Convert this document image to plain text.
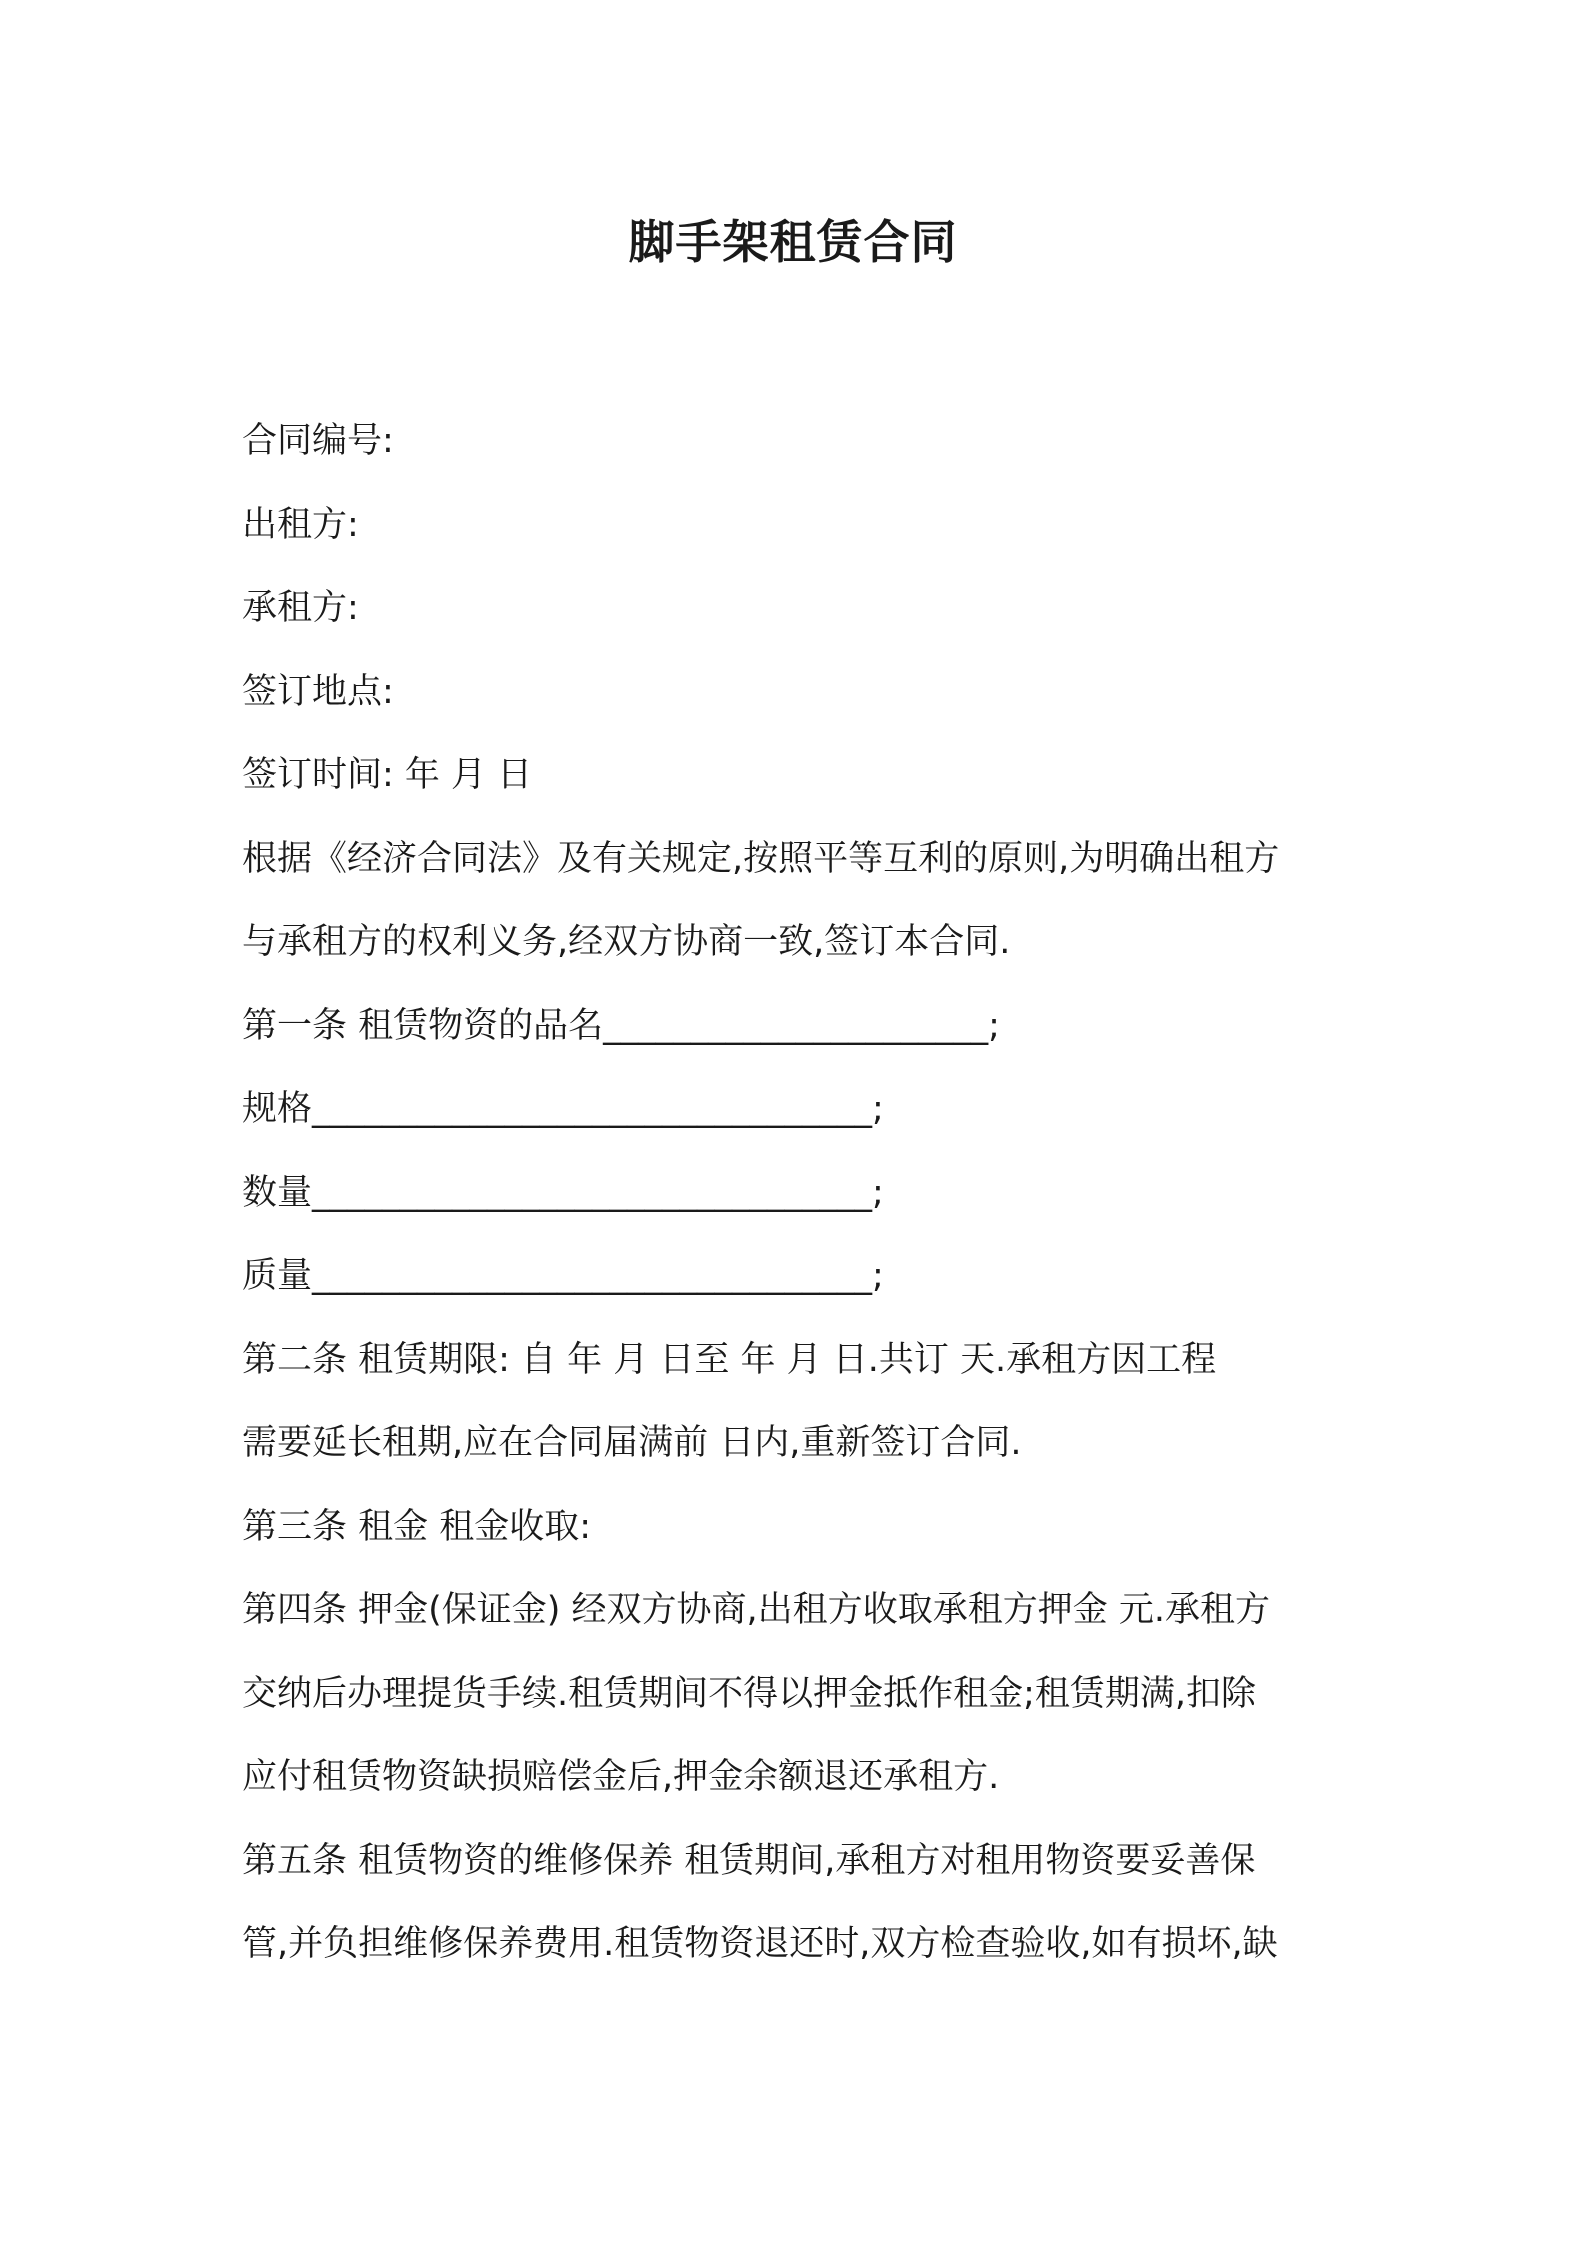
脚手架租赁合同
合同编号:
出租方:
承租方:
签订地点:
签订时间: 年 月 日
根据《经济合同法》及有关规定,按照平等互利的原则,为明确出租方
与承租方的权利义务,经双方协商一致,签订本合同.
第一条 租赁物资的品名______________________;
规格________________________________;
数量________________________________;
质量________________________________;
第二条 租赁期限: 自 年 月 日至 年 月 日.共订 天.承租方因工程
需要延长租期,应在合同届满前 日内,重新签订合同.
第三条 租金 租金收取:
第四条 押金(保证金) 经双方协商,出租方收取承租方押金 元.承租方
交纳后办理提货手续.租赁期间不得以押金抵作租金;租赁期满,扣除
应付租赁物资缺损赔偿金后,押金余额退还承租方.
第五条 租赁物资的维修保养 租赁期间,承租方对租用物资要妥善保
管,并负担维修保养费用.租赁物资退还时,双方检查验收,如有损坏,缺
